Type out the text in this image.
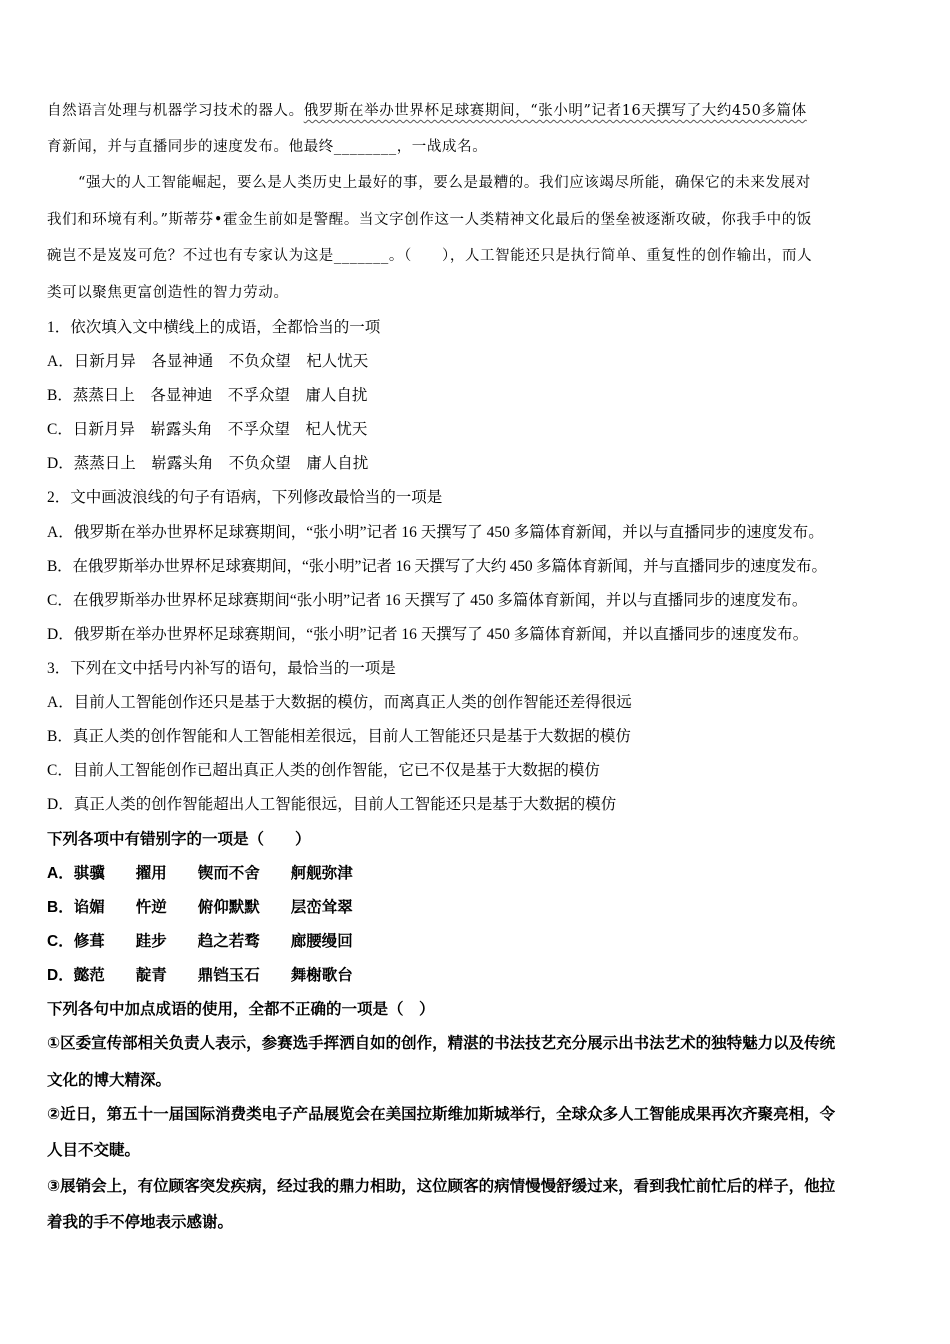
自然语言处理与机器学习技术的器人。俄罗斯在举办世界杯足球赛期间，“张小明”记者16天撰写了大约450多篇体
育新闻，并与直播同步的速度发布。他最终________，一战成名。
“强大的人工智能崛起，要么是人类历史上最好的事，要么是最糟的。我们应该竭尽所能，确保它的未来发展对
我们和环境有利。”斯蒂芬•霍金生前如是警醒。当文字创作这一人类精神文化最后的堡垒被逐渐攻破，你我手中的饭
碗岂不是岌岌可危？不过也有专家认为这是_______。（　　），人工智能还只是执行简单、重复性的创作输出，而人
类可以聚焦更富创造性的智力劳动。
1．依次填入文中横线上的成语，全都恰当的一项
A．日新月异　各显神通　不负众望　杞人忧天
B．蒸蒸日上　各显神迪　不孚众望　庸人自扰
C．日新月异　崭露头角　不孚众望　杞人忧天
D．蒸蒸日上　崭露头角　不负众望　庸人自扰
2．文中画波浪线的句子有语病，下列修改最恰当的一项是
A．俄罗斯在举办世界杯足球赛期间，“张小明”记者 16 天撰写了 450 多篇体育新闻，并以与直播同步的速度发布。
B．在俄罗斯举办世界杯足球赛期间，“张小明”记者 16 天撰写了大约 450 多篇体育新闻，并与直播同步的速度发布。
C．在俄罗斯举办世界杯足球赛期间“张小明”记者 16 天撰写了 450 多篇体育新闻，并以与直播同步的速度发布。
D．俄罗斯在举办世界杯足球赛期间，“张小明”记者 16 天撰写了 450 多篇体育新闻，并以直播同步的速度发布。
3．下列在文中括号内补写的语句，最恰当的一项是
A．目前人工智能创作还只是基于大数据的模仿，而离真正人类的创作智能还差得很远
B．真正人类的创作智能和人工智能相差很远，目前人工智能还只是基于大数据的模仿
C．目前人工智能创作已超出真正人类的创作智能，它已不仅是基于大数据的模仿
D．真正人类的创作智能超出人工智能很远，目前人工智能还只是基于大数据的模仿
下列各项中有错别字的一项是（　　）
A．骐骥　　擢用　　锲而不舍　　舸舰弥津
B．谄媚　　忤逆　　俯仰默默　　层峦耸翠
C．修葺　　跬步　　趋之若骛　　廊腰缦回
D．懿范　　靛青　　鼎铛玉石　　舞榭歌台
下列各句中加点成语的使用，全都不正确的一项是（　）
①区委宣传部相关负责人表示，参赛选手挥洒自如的创作，精湛的书法技艺充分展示出书法艺术的独特魅力以及传统
文化的博大精深。
②近日，第五十一届国际消费类电子产品展览会在美国拉斯维加斯城举行，全球众多人工智能成果再次齐聚亮相，令
人目不交睫。
③展销会上，有位顾客突发疾病，经过我的鼎力相助，这位顾客的病情慢慢舒缓过来，看到我忙前忙后的样子，他拉
着我的手不停地表示感谢。
